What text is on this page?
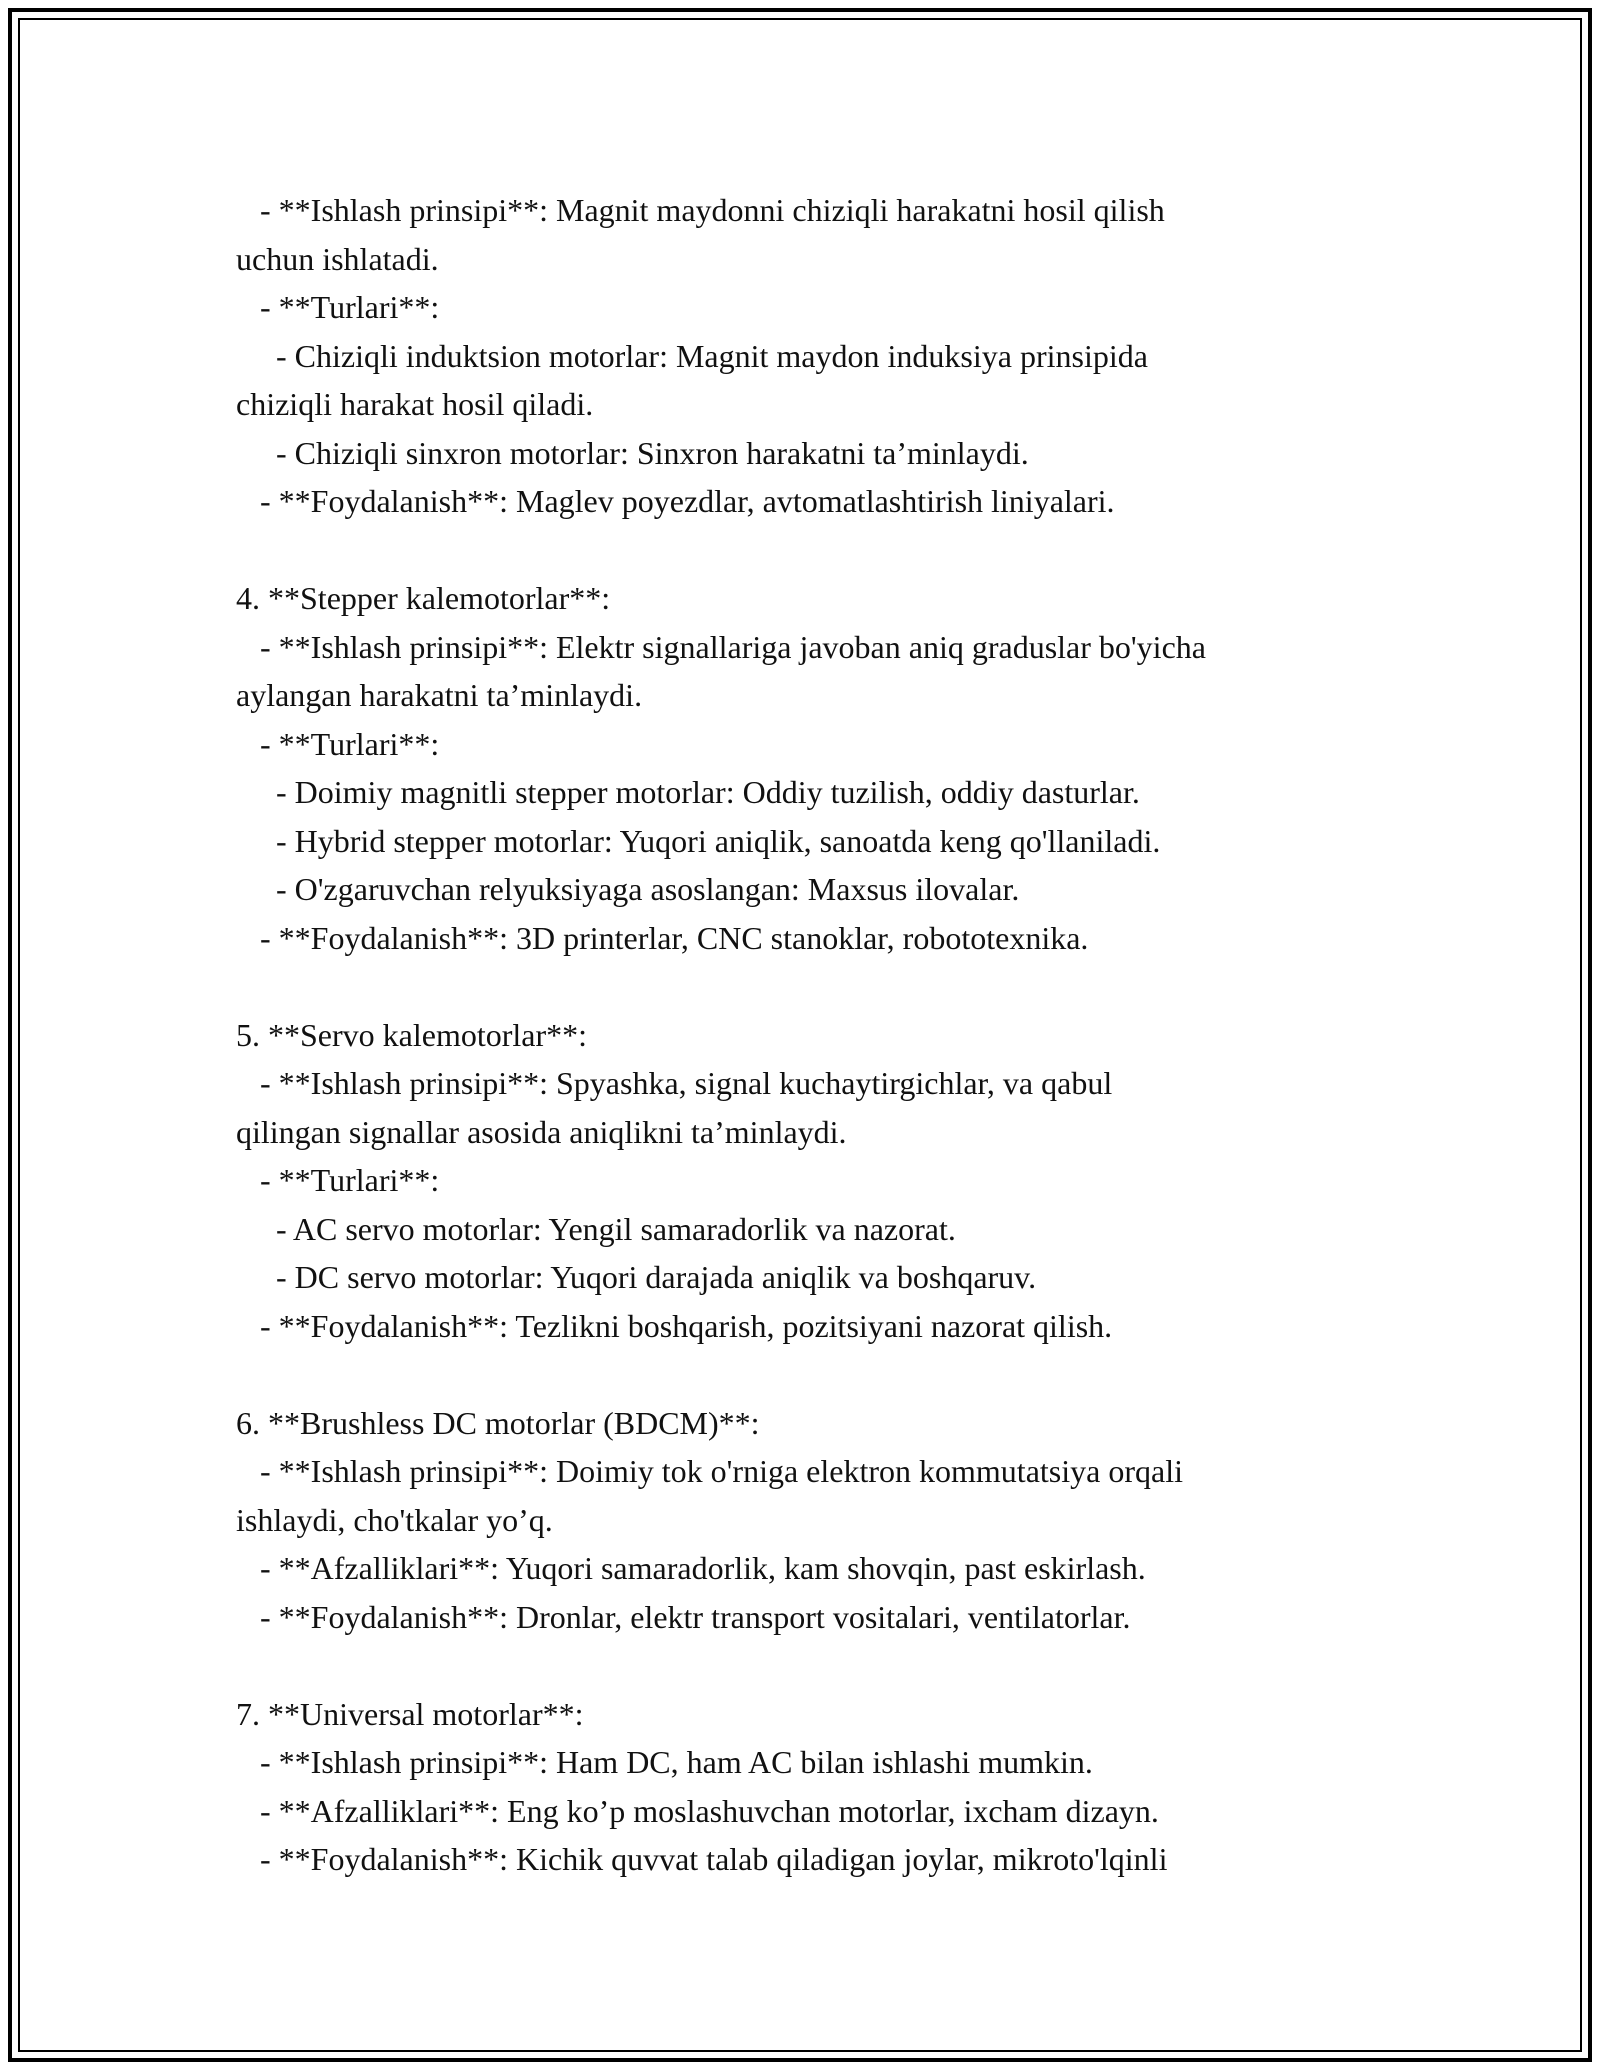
- **Ishlash prinsipi**: Magnit maydonni chiziqli harakatni hosil qilish
uchun ishlatadi.
- **Turlari**:
- Chiziqli induktsion motorlar: Magnit maydon induksiya prinsipida
chiziqli harakat hosil qiladi.
- Chiziqli sinxron motorlar: Sinxron harakatni ta’minlaydi.
- **Foydalanish**: Maglev poyezdlar, avtomatlashtirish liniyalari.
4. **Stepper kalemotorlar**:
- **Ishlash prinsipi**: Elektr signallariga javoban aniq graduslar bo'yicha
aylangan harakatni ta’minlaydi.
- **Turlari**:
- Doimiy magnitli stepper motorlar: Oddiy tuzilish, oddiy dasturlar.
- Hybrid stepper motorlar: Yuqori aniqlik, sanoatda keng qo'llaniladi.
- O'zgaruvchan relyuksiyaga asoslangan: Maxsus ilovalar.
- **Foydalanish**: 3D printerlar, CNC stanoklar, robototexnika.
5. **Servo kalemotorlar**:
- **Ishlash prinsipi**: Spyashka, signal kuchaytirgichlar, va qabul
qilingan signallar asosida aniqlikni ta’minlaydi.
- **Turlari**:
- AC servo motorlar: Yengil samaradorlik va nazorat.
- DC servo motorlar: Yuqori darajada aniqlik va boshqaruv.
- **Foydalanish**: Tezlikni boshqarish, pozitsiyani nazorat qilish.
6. **Brushless DC motorlar (BDCM)**:
- **Ishlash prinsipi**: Doimiy tok o'rniga elektron kommutatsiya orqali
ishlaydi, cho'tkalar yo’q.
- **Afzalliklari**: Yuqori samaradorlik, kam shovqin, past eskirlash.
- **Foydalanish**: Dronlar, elektr transport vositalari, ventilatorlar.
7. **Universal motorlar**:
- **Ishlash prinsipi**: Ham DC, ham AC bilan ishlashi mumkin.
- **Afzalliklari**: Eng ko’p moslashuvchan motorlar, ixcham dizayn.
- **Foydalanish**: Kichik quvvat talab qiladigan joylar, mikroto'lqinli
